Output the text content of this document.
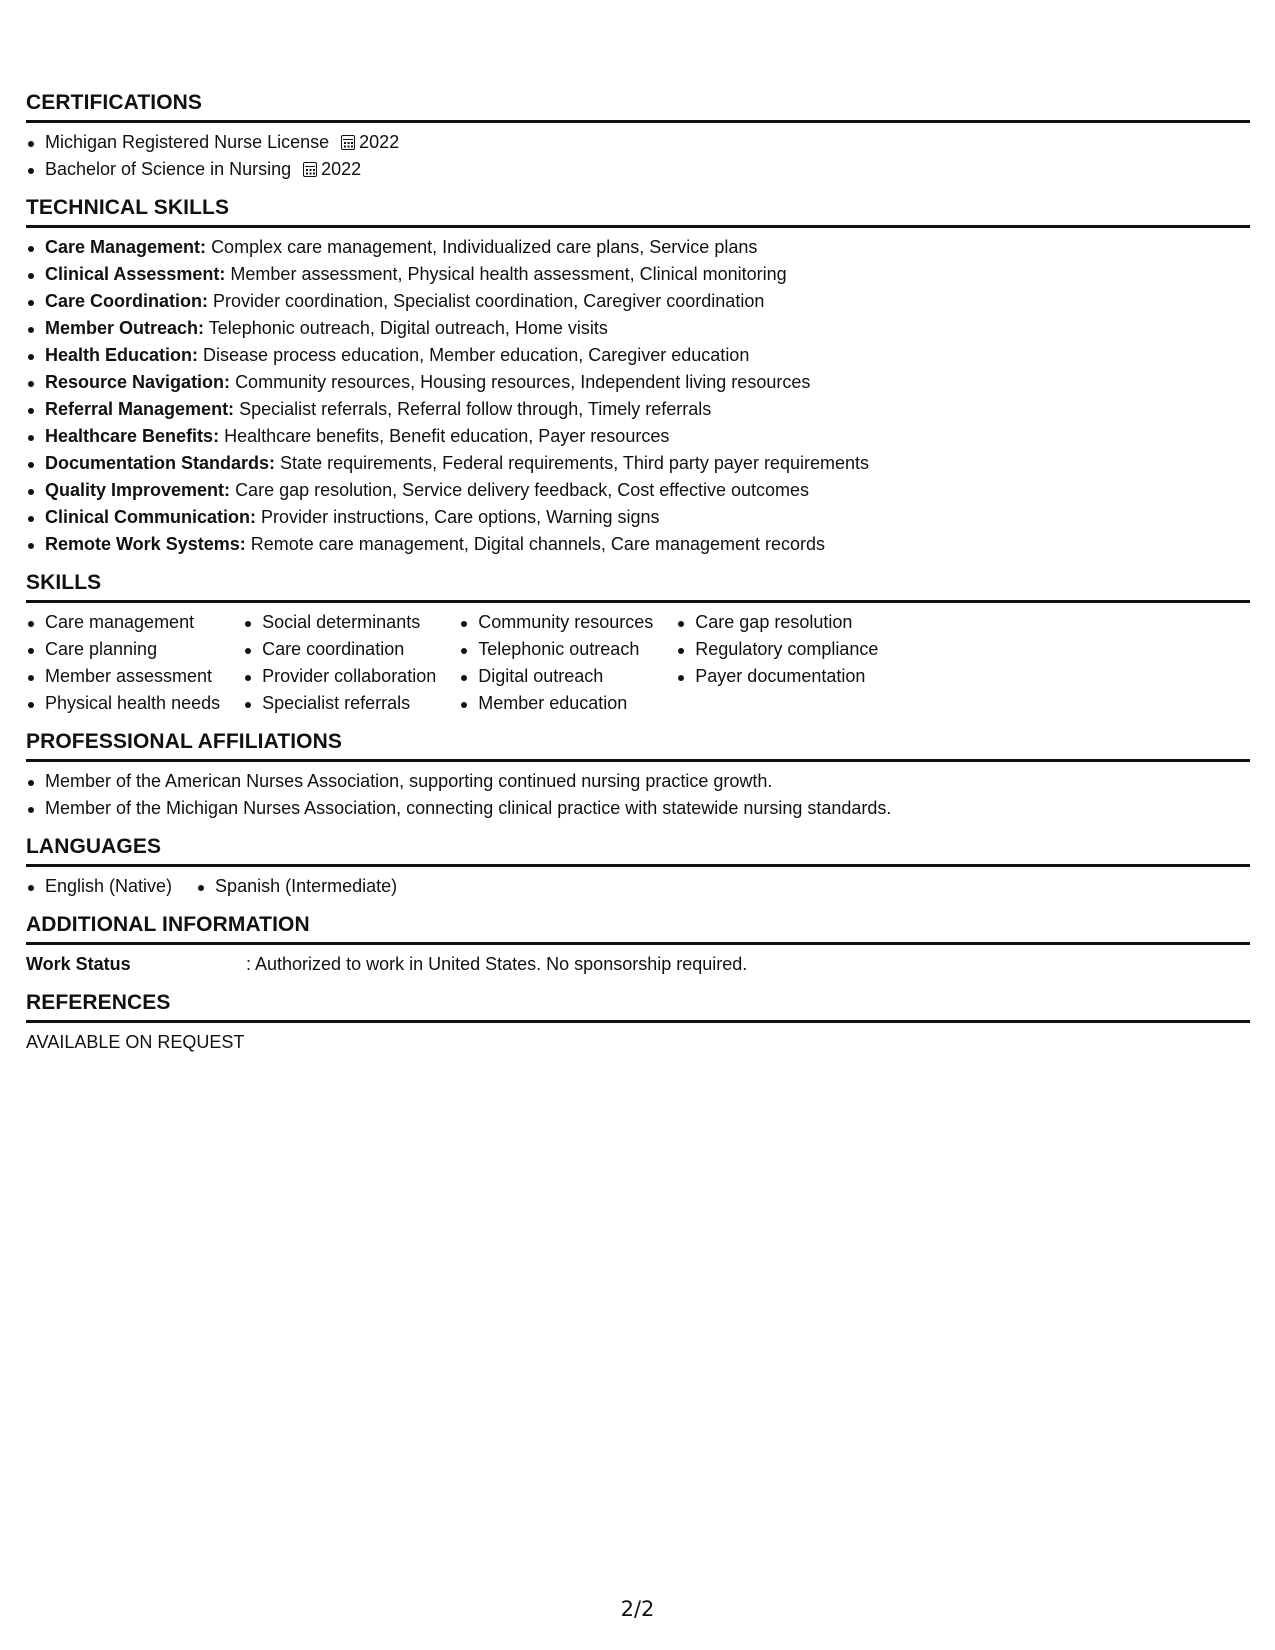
CERTIFICATIONS
Michigan Registered Nurse License 2022
Bachelor of Science in Nursing 2022
TECHNICAL SKILLS
Care Management: Complex care management, Individualized care plans, Service plans
Clinical Assessment: Member assessment, Physical health assessment, Clinical monitoring
Care Coordination: Provider coordination, Specialist coordination, Caregiver coordination
Member Outreach: Telephonic outreach, Digital outreach, Home visits
Health Education: Disease process education, Member education, Caregiver education
Resource Navigation: Community resources, Housing resources, Independent living resources
Referral Management: Specialist referrals, Referral follow through, Timely referrals
Healthcare Benefits: Healthcare benefits, Benefit education, Payer resources
Documentation Standards: State requirements, Federal requirements, Third party payer requirements
Quality Improvement: Care gap resolution, Service delivery feedback, Cost effective outcomes
Clinical Communication: Provider instructions, Care options, Warning signs
Remote Work Systems: Remote care management, Digital channels, Care management records
SKILLS
Care management
Care planning
Member assessment
Physical health needs
Social determinants
Care coordination
Provider collaboration
Specialist referrals
Community resources
Telephonic outreach
Digital outreach
Member education
Care gap resolution
Regulatory compliance
Payer documentation
PROFESSIONAL AFFILIATIONS
Member of the American Nurses Association, supporting continued nursing practice growth.
Member of the Michigan Nurses Association, connecting clinical practice with statewide nursing standards.
LANGUAGES
English (Native)	Spanish (Intermediate)
ADDITIONAL INFORMATION
Work Status	: Authorized to work in United States. No sponsorship required.
REFERENCES
AVAILABLE ON REQUEST
2/2
